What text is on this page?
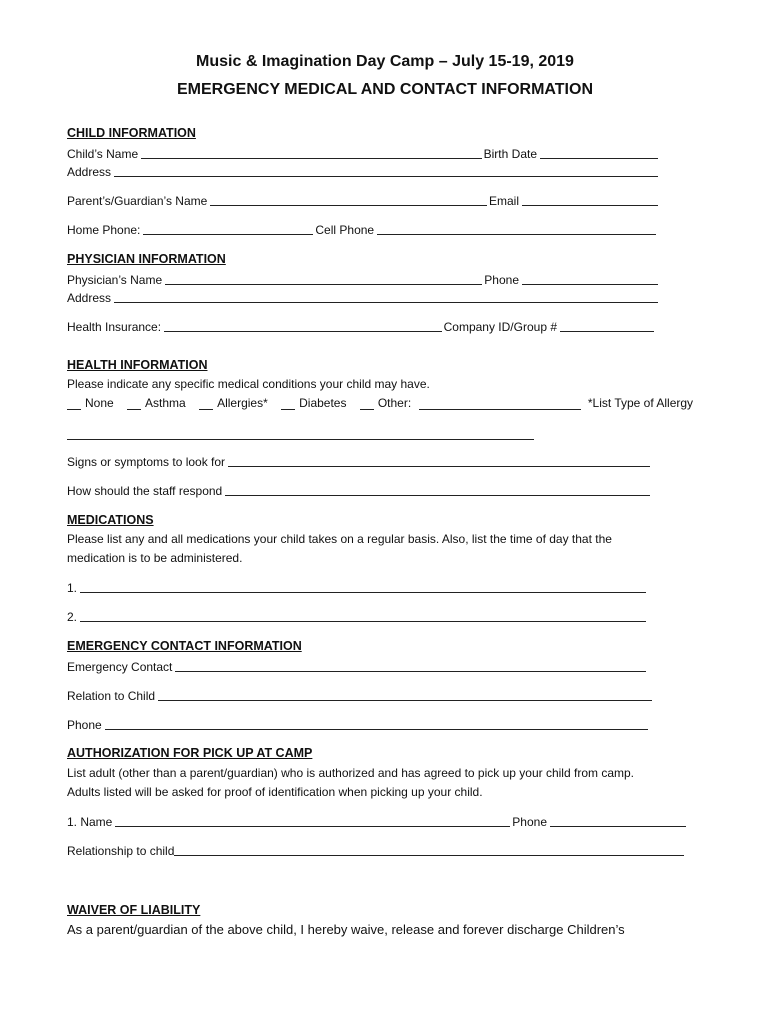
Music & Imagination Day Camp – July 15-19, 2019
EMERGENCY MEDICAL AND CONTACT INFORMATION
CHILD INFORMATION
Child’s Name	Birth Date
Address
Parent’s/Guardian’s Name	Email
Home Phone:	Cell Phone
PHYSICIAN INFORMATION
Physician’s Name	Phone
Address
Health Insurance:	Company ID/Group #
HEALTH INFORMATION
Please indicate any specific medical conditions your child may have.
None	Asthma	Allergies*	Diabetes	Other:	*List Type of Allergy
Signs or symptoms to look for
How should the staff respond
MEDICATIONS
Please list any and all medications your child takes on a regular basis. Also, list the time of day that the
medication is to be administered.
1.
2.
EMERGENCY CONTACT INFORMATION
Emergency Contact
Relation to Child
Phone
AUTHORIZATION FOR PICK UP AT CAMP
List adult (other than a parent/guardian) who is authorized and has agreed to pick up your child from camp.
Adults listed will be asked for proof of identification when picking up your child.
1. Name	Phone
Relationship to child
WAIVER OF LIABILITY
As a parent/guardian of the above child, I hereby waive, release and forever discharge Children’s
